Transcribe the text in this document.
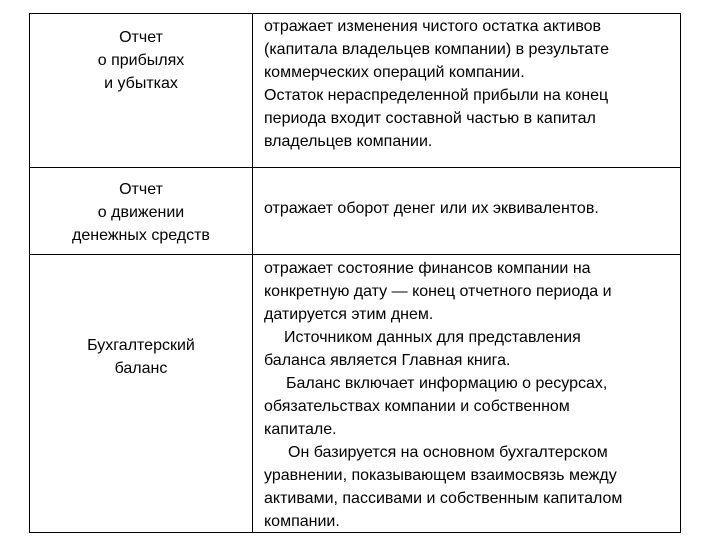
Отчет
о прибылях
и убытках
отражает изменения чистого остатка активов
(капитала владельцев компании) в результате
коммерческих операций компании.
Остаток нераспределенной прибыли на конец
периода входит составной частью в капитал
владельцев компании.
Отчет
о движении
денежных средств
отражает оборот денег или их эквивалентов.
Бухгалтерский
баланс
отражает состояние финансов компании на
конкретную дату — конец отчетного периода и
датируется этим днем.
Источником данных для представления
баланса является Главная книга.
Баланс включает информацию о ресурсах,
обязательствах компании и собственном
капитале.
Он базируется на основном бухгалтерском
уравнении, показывающем взаимосвязь между
активами, пассивами и собственным капиталом
компании.
